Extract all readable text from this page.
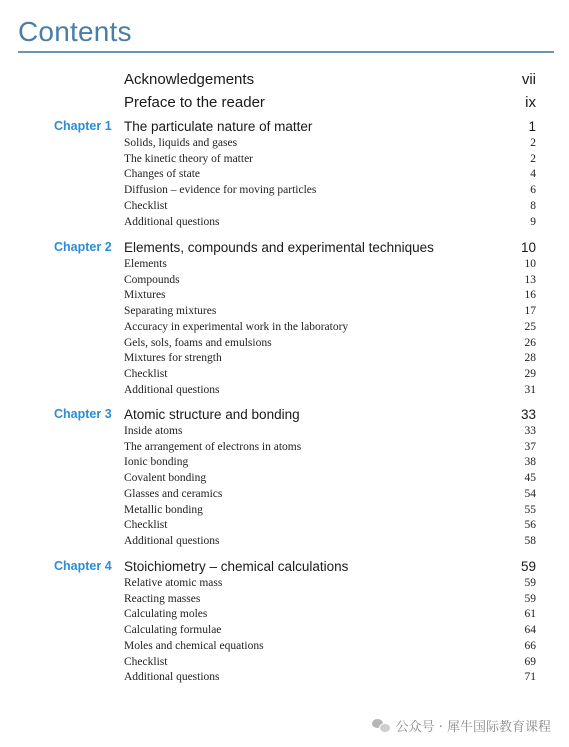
Contents
Acknowledgements	vii
Preface to the reader	ix
Chapter 1 The particulate nature of matter	1
Solids, liquids and gases	2
The kinetic theory of matter	2
Changes of state	4
Diffusion – evidence for moving particles	6
Checklist	8
Additional questions	9
Chapter 2 Elements, compounds and experimental techniques	10
Elements	10
Compounds	13
Mixtures	16
Separating mixtures	17
Accuracy in experimental work in the laboratory	25
Gels, sols, foams and emulsions	26
Mixtures for strength	28
Checklist	29
Additional questions	31
Chapter 3 Atomic structure and bonding	33
Inside atoms	33
The arrangement of electrons in atoms	37
Ionic bonding	38
Covalent bonding	45
Glasses and ceramics	54
Metallic bonding	55
Checklist	56
Additional questions	58
Chapter 4 Stoichiometry – chemical calculations	59
Relative atomic mass	59
Reacting masses	59
Calculating moles	61
Calculating formulae	64
Moles and chemical equations	66
Checklist	69
Additional questions	71
公众号 · 犀牛国际教育课程
